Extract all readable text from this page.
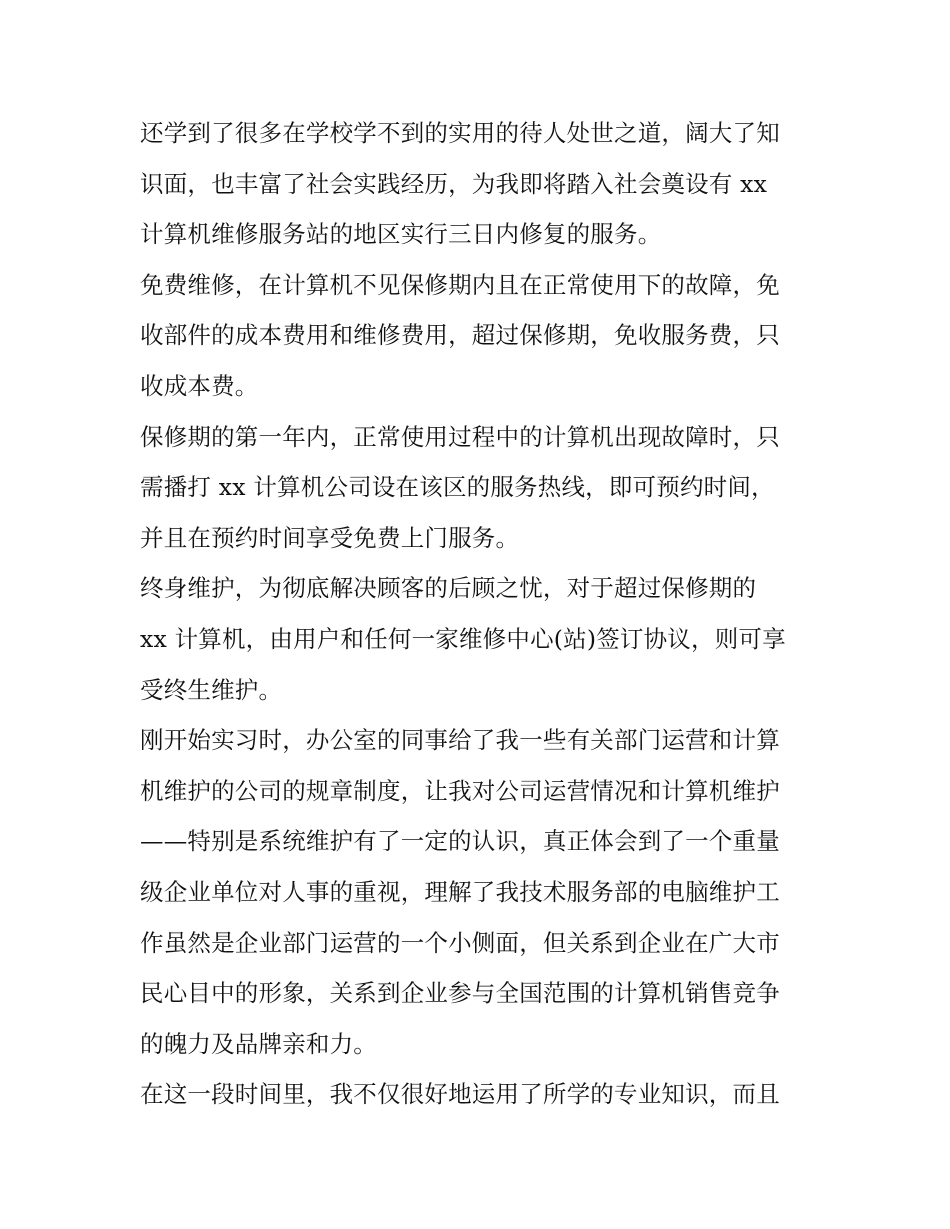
还学到了很多在学校学不到的实用的待人处世之道，阔大了知
识面，也丰富了社会实践经历，为我即将踏入社会奠设有 xx
计算机维修服务站的地区实行三日内修复的服务。
免费维修，在计算机不见保修期内且在正常使用下的故障，免
收部件的成本费用和维修费用，超过保修期，免收服务费，只
收成本费。
保修期的第一年内，正常使用过程中的计算机出现故障时，只
需播打 xx 计算机公司设在该区的服务热线，即可预约时间，
并且在预约时间享受免费上门服务。
终身维护，为彻底解决顾客的后顾之忧，对于超过保修期的
xx 计算机，由用户和任何一家维修中心(站)签订协议，则可享
受终生维护。
刚开始实习时，办公室的同事给了我一些有关部门运营和计算
机维护的公司的规章制度，让我对公司运营情况和计算机维护
——特别是系统维护有了一定的认识，真正体会到了一个重量
级企业单位对人事的重视，理解了我技术服务部的电脑维护工
作虽然是企业部门运营的一个小侧面，但关系到企业在广大市
民心目中的形象，关系到企业参与全国范围的计算机销售竞争
的魄力及品牌亲和力。
在这一段时间里，我不仅很好地运用了所学的专业知识，而且
